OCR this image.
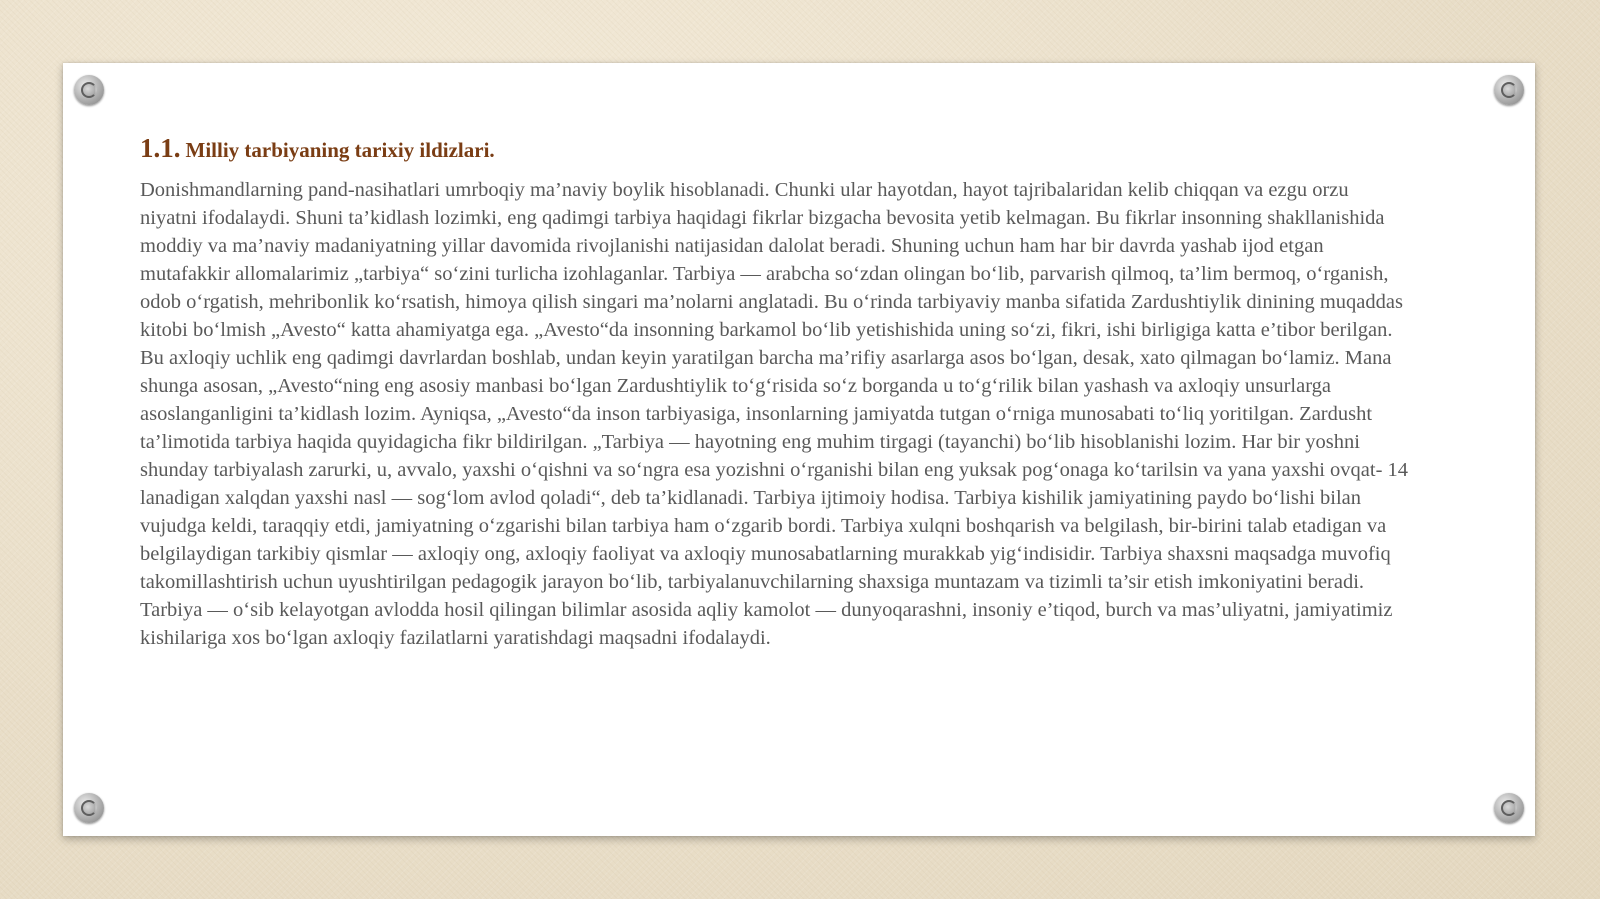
1.1. Milliy tarbiyaning tarixiy ildizlari.

Donishmandlarning pand-nasihatlari umrboqiy ma’naviy boylik hisoblanadi. Chunki ular hayotdan, hayot tajribalaridan kelib chiqqan va ezgu orzu niyatni ifodalaydi. Shuni ta’kidlash lozimki, eng qadimgi tarbiya haqidagi fikrlar bizgacha bevosita yetib kelmagan. Bu fikrlar insonning shakllanishida moddiy va ma’naviy madaniyatning yillar davomida rivojlanishi natijasidan dalolat beradi. Shuning uchun ham har bir davrda yashab ijod etgan mutafakkir allomalarimiz „tarbiya“ so‘zini turlicha izohlaganlar. Tarbiya — arabcha so‘zdan olingan bo‘lib, parvarish qilmoq, ta’lim bermoq, o‘rganish, odob o‘rgatish, mehribonlik ko‘rsatish, himoya qilish singari ma’nolarni anglatadi. Bu o‘rinda tarbiyaviy manba sifatida Zardushtiylik dinining muqaddas kitobi bo‘lmish „Avesto“ katta ahamiyatga ega. „Avesto“da insonning barkamol bo‘lib yetishishida uning so‘zi, fikri, ishi birligiga katta e’tibor berilgan. Bu axloqiy uchlik eng qadimgi davrlardan boshlab, undan keyin yaratilgan barcha ma’rifiy asarlarga asos bo‘lgan, desak, xato qilmagan bo‘lamiz. Mana shunga asosan, „Avesto“ning eng asosiy manbasi bo‘lgan Zardushtiylik to‘g‘risida so‘z borganda u to‘g‘rilik bilan yashash va axloqiy unsurlarga asoslanganligini ta’kidlash lozim. Ayniqsa, „Avesto“da inson tarbiyasiga, insonlarning jamiyatda tutgan o‘rniga munosabati to‘liq yoritilgan. Zardusht ta’limotida tarbiya haqida quyidagicha fikr bildirilgan. „Tarbiya — hayotning eng muhim tirgagi (tayanchi) bo‘lib hisoblanishi lozim. Har bir yoshni shunday tarbiyalash zarurki, u, avvalo, yaxshi o‘qishni va so‘ngra esa yozishni o‘rganishi bilan eng yuksak pog‘onaga ko‘tarilsin va yana yaxshi ovqat- 14 lanadigan xalqdan yaxshi nasl — sog‘lom avlod qoladi“, deb ta’kidlanadi. Tarbiya ijtimoiy hodisa. Tarbiya kishilik jamiyatining paydo bo‘lishi bilan vujudga keldi, taraqqiy etdi, jamiyatning o‘zgarishi bilan tarbiya ham o‘zgarib bordi. Tarbiya xulqni boshqarish va belgilash, bir-birini talab etadigan va belgilaydigan tarkibiy qismlar — axloqiy ong, axloqiy faoliyat va axloqiy munosabatlarning murakkab yig‘indisidir. Tarbiya shaxsni maqsadga muvofiq takomillashtirish uchun uyushtirilgan pedagogik jarayon bo‘lib, tarbiyalanuvchilarning shaxsiga muntazam va tizimli ta’sir etish imkoniyatini beradi. Tarbiya — o‘sib kelayotgan avlodda hosil qilingan bilimlar asosida aqliy kamolot — dunyoqarashni, insoniy e’tiqod, burch va mas’uliyatni, jamiyatimiz kishilariga xos bo‘lgan axloqiy fazilatlarni yaratishdagi maqsadni ifodalaydi.
